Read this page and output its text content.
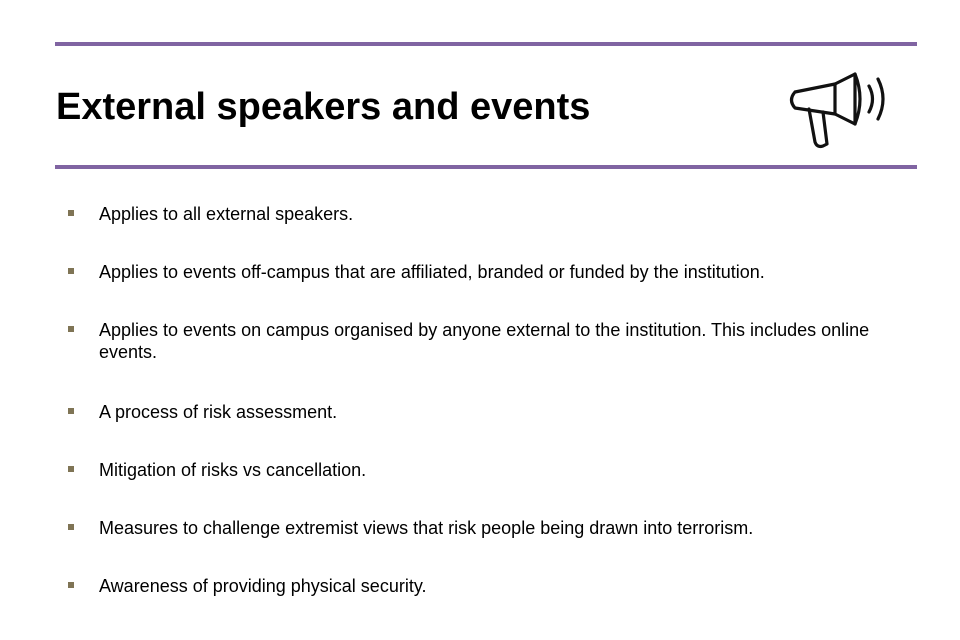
External speakers and events
Applies to all external speakers.
Applies to events off-campus that are affiliated, branded or funded by the institution.
Applies to events on campus organised by anyone external to the institution. This includes online events.
A process of risk assessment.
Mitigation of risks vs cancellation.
Measures to challenge extremist views that risk people being drawn into terrorism.
Awareness of providing physical security.
